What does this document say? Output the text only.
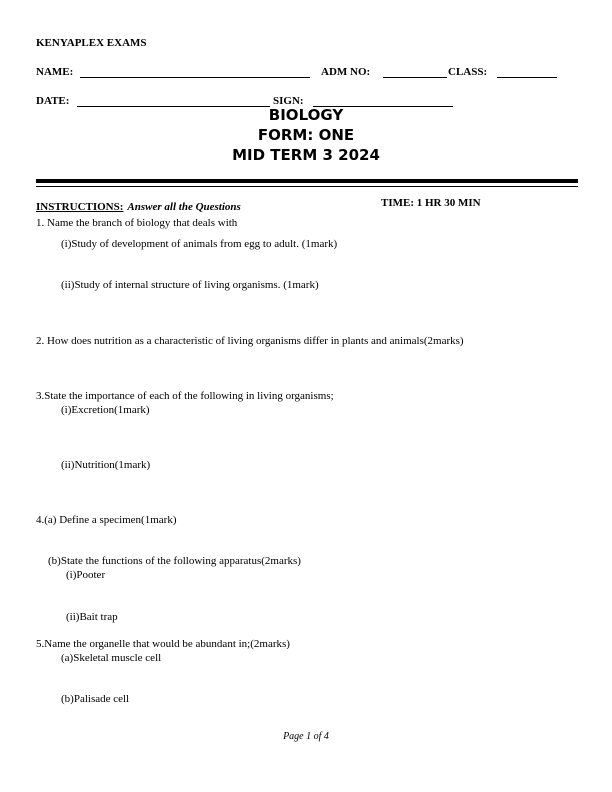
KENYAPLEX EXAMS
NAME:	ADM NO:	CLASS:
DATE:	SIGN:
BIOLOGY
FORM: ONE
MID TERM 3 2024
INSTRUCTIONS: Answer all the Questions	TIME: 1 HR 30 MIN
1. Name the branch of biology that deals with
(i)Study of development of animals from egg to adult. (1mark)
(ii)Study of internal structure of living organisms. (1mark)
2. How does nutrition as a characteristic of living organisms differ in plants and animals(2marks)
3.State the importance of each of the following in living organisms;
(i)Excretion(1mark)
(ii)Nutrition(1mark)
4.(a) Define a specimen(1mark)
(b)State the functions of the following apparatus(2marks)
(i)Pooter
(ii)Bait trap
5.Name the organelle that would be abundant in;(2marks)
(a)Skeletal muscle cell
(b)Palisade cell
Page 1 of 4
